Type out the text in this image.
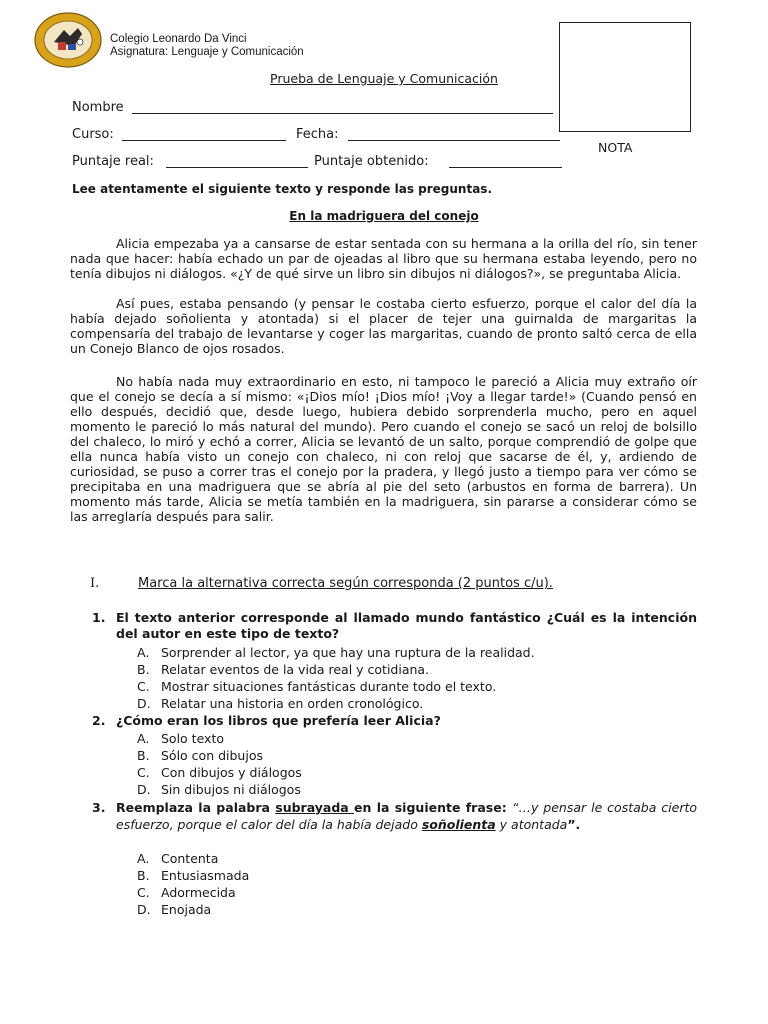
Colegio Leonardo Da Vinci
Asignatura: Lenguaje y Comunicación
NOTA
Prueba de Lenguaje y Comunicación
Nombre
Curso:	Fecha:
Puntaje real:	Puntaje obtenido:
Lee atentamente el siguiente texto y responde las preguntas.
En la madriguera del conejo
Alicia empezaba ya a cansarse de estar sentada con su hermana a la orilla del río, sin tener nada que hacer: había echado un par de ojeadas al libro que su hermana estaba leyendo, pero no tenía dibujos ni diálogos. «¿Y de qué sirve un libro sin dibujos ni diálogos?», se preguntaba Alicia.
Así pues, estaba pensando (y pensar le costaba cierto esfuerzo, porque el calor del día la había dejado soñolienta y atontada) si el placer de tejer una guirnalda de margaritas la compensaría del trabajo de levantarse y coger las margaritas, cuando de pronto saltó cerca de ella un Conejo Blanco de ojos rosados.
No había nada muy extraordinario en esto, ni tampoco le pareció a Alicia muy extraño oír que el conejo se decía a sí mismo: «¡Dios mío! ¡Dios mío! ¡Voy a llegar tarde!» (Cuando pensó en ello después, decidió que, desde luego, hubiera debido sorprenderla mucho, pero en aquel momento le pareció lo más natural del mundo). Pero cuando el conejo se sacó un reloj de bolsillo del chaleco, lo miró y echó a correr, Alicia se levantó de un salto, porque comprendió de golpe que ella nunca había visto un conejo con chaleco, ni con reloj que sacarse de él, y, ardiendo de curiosidad, se puso a correr tras el conejo por la pradera, y llegó justo a tiempo para ver cómo se precipitaba en una madriguera que se abría al pie del seto (arbustos en forma de barrera). Un momento más tarde, Alicia se metía también en la madriguera, sin pararse a considerar cómo se las arreglaría después para salir.
I.	Marca la alternativa correcta según corresponda (2 puntos c/u).
1. El texto anterior corresponde al llamado mundo fantástico ¿Cuál es la intención del autor en este tipo de texto?
A. Sorprender al lector, ya que hay una ruptura de la realidad.
B. Relatar eventos de la vida real y cotidiana.
C. Mostrar situaciones fantásticas durante todo el texto.
D. Relatar una historia en orden cronológico.
2. ¿Cómo eran los libros que prefería leer Alicia?
A. Solo texto
B. Sólo con dibujos
C. Con dibujos y diálogos
D. Sin dibujos ni diálogos
3. Reemplaza la palabra subrayada en la siguiente frase: “…y pensar le costaba cierto esfuerzo, porque el calor del día la había dejado soñolienta y atontada”.
A. Contenta
B. Entusiasmada
C. Adormecida
D. Enojada
